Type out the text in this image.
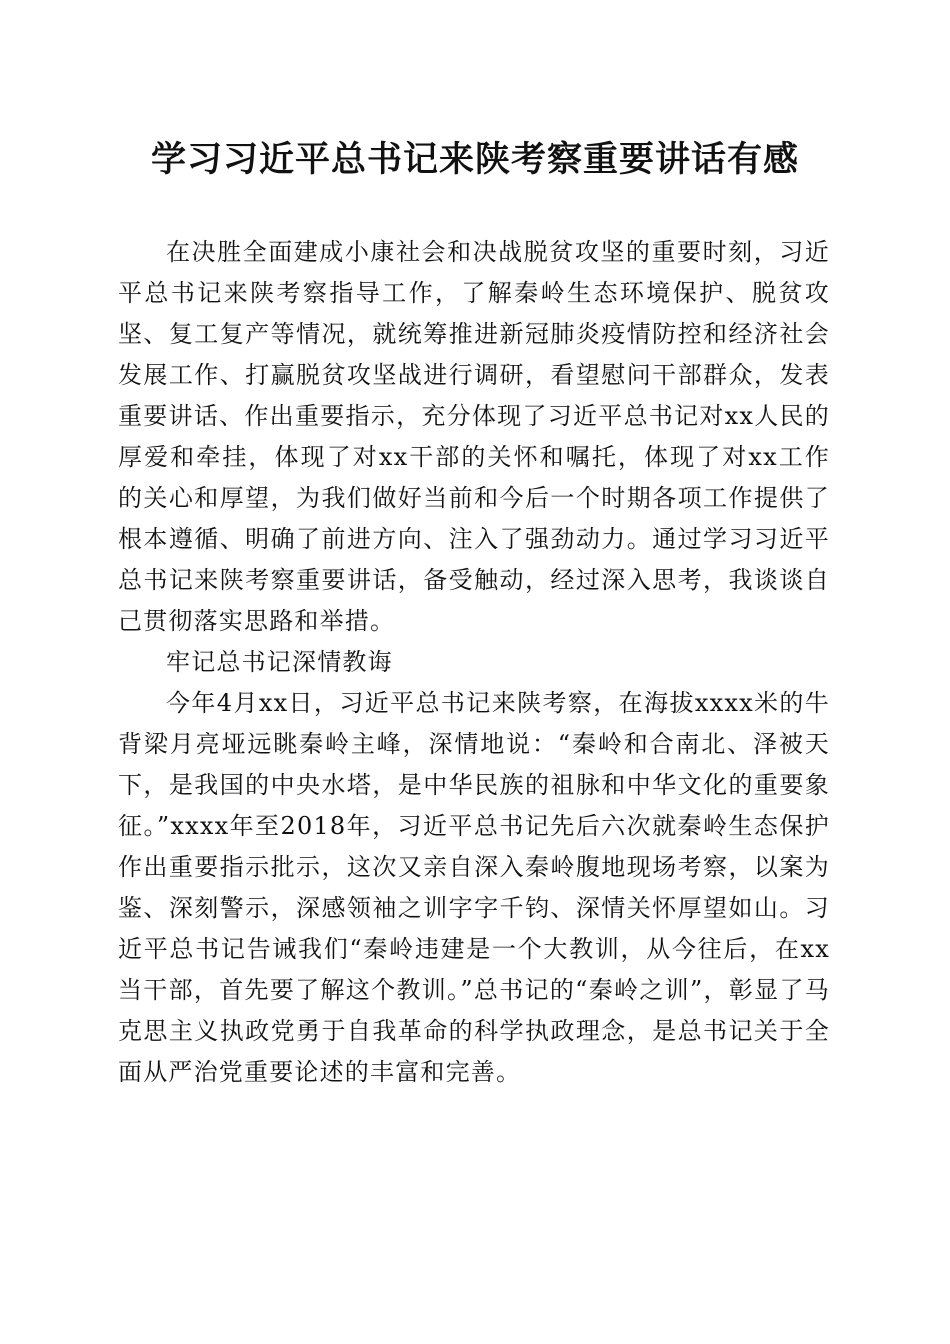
学习习近平总书记来陕考察重要讲话有感

在决胜全面建成小康社会和决战脱贫攻坚的重要时刻，习近平总书记来陕考察指导工作，了解秦岭生态环境保护、脱贫攻坚、复工复产等情况，就统筹推进新冠肺炎疫情防控和经济社会发展工作、打赢脱贫攻坚战进行调研，看望慰问干部群众，发表重要讲话、作出重要指示，充分体现了习近平总书记对xx人民的厚爱和牵挂，体现了对xx干部的关怀和嘱托，体现了对xx工作的关心和厚望，为我们做好当前和今后一个时期各项工作提供了根本遵循、明确了前进方向、注入了强劲动力。通过学习习近平总书记来陕考察重要讲话，备受触动，经过深入思考，我谈谈自己贯彻落实思路和举措。

牢记总书记深情教诲

今年4月xx日，习近平总书记来陕考察，在海拔xxxx米的牛背梁月亮垭远眺秦岭主峰，深情地说：“秦岭和合南北、泽被天下，是我国的中央水塔，是中华民族的祖脉和中华文化的重要象征。”xxxx年至2018年，习近平总书记先后六次就秦岭生态保护作出重要指示批示，这次又亲自深入秦岭腹地现场考察，以案为鉴、深刻警示，深感领袖之训字字千钧、深情关怀厚望如山。习近平总书记告诫我们“秦岭违建是一个大教训，从今往后，在xx当干部，首先要了解这个教训。”总书记的“秦岭之训”，彰显了马克思主义执政党勇于自我革命的科学执政理念，是总书记关于全面从严治党重要论述的丰富和完善。
